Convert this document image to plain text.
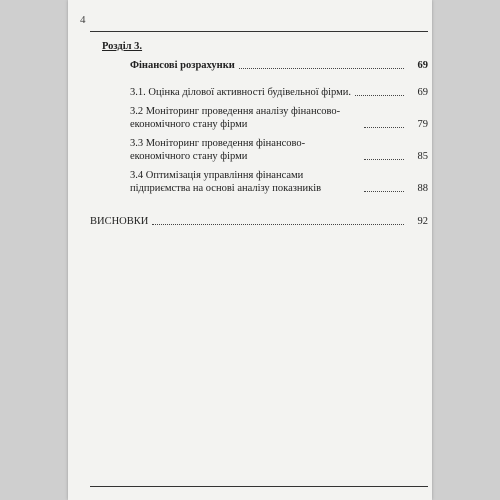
4
Розділ 3.
Фінансові розрахунки	69
3.1. Оцінка ділової активності будівельної фірми.	69
3.2 Моніторинг проведення аналізу фінансово-економічного стану фірми	79
3.3 Моніторинг проведення фінансово-економічного стану фірми	85
3.4 Оптимізація управління фінансами підприємства на основі аналізу показників	88
ВИСНОВКИ	92
